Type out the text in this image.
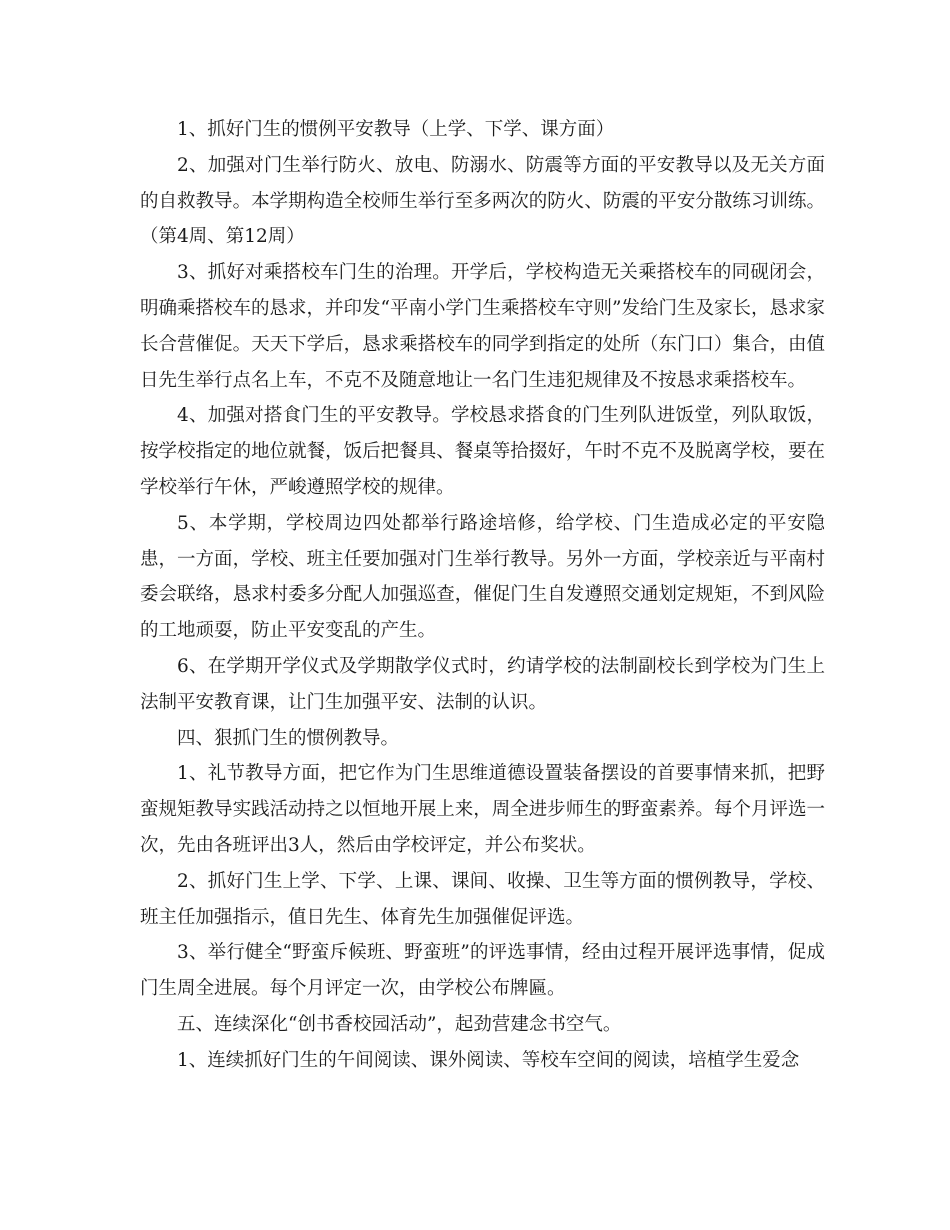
1、抓好门生的惯例平安教导（上学、下学、课方面）

2、加强对门生举行防火、放电、防溺水、防震等方面的平安教导以及无关方面的自救教导。本学期构造全校师生举行至多两次的防火、防震的平安分散练习训练。（第4周、第12周）

3、抓好对乘搭校车门生的治理。开学后，学校构造无关乘搭校车的同砚闭会，明确乘搭校车的恳求，并印发“平南小学门生乘搭校车守则”发给门生及家长，恳求家长合营催促。天天下学后，恳求乘搭校车的同学到指定的处所（东门口）集合，由值日先生举行点名上车，不克不及随意地让一名门生违犯规律及不按恳求乘搭校车。

4、加强对搭食门生的平安教导。学校恳求搭食的门生列队进饭堂，列队取饭，按学校指定的地位就餐，饭后把餐具、餐桌等拾掇好，午时不克不及脱离学校，要在学校举行午休，严峻遵照学校的规律。

5、本学期，学校周边四处都举行路途培修，给学校、门生造成必定的平安隐患，一方面，学校、班主任要加强对门生举行教导。另外一方面，学校亲近与平南村委会联络，恳求村委多分配人加强巡查，催促门生自发遵照交通划定规矩，不到风险的工地顽耍，防止平安变乱的产生。

6、在学期开学仪式及学期散学仪式时，约请学校的法制副校长到学校为门生上法制平安教育课，让门生加强平安、法制的认识。

四、狠抓门生的惯例教导。

1、礼节教导方面，把它作为门生思维道德设置装备摆设的首要事情来抓，把野蛮规矩教导实践活动持之以恒地开展上来，周全进步师生的野蛮素养。每个月评选一次，先由各班评出3人，然后由学校评定，并公布奖状。

2、抓好门生上学、下学、上课、课间、收操、卫生等方面的惯例教导，学校、班主任加强指示，值日先生、体育先生加强催促评选。

3、举行健全“野蛮斥候班、野蛮班”的评选事情，经由过程开展评选事情，促成门生周全进展。每个月评定一次，由学校公布牌匾。

五、连续深化“创书香校园活动”，起劲营建念书空气。

1、连续抓好门生的午间阅读、课外阅读、等校车空间的阅读，培植学生爱念
